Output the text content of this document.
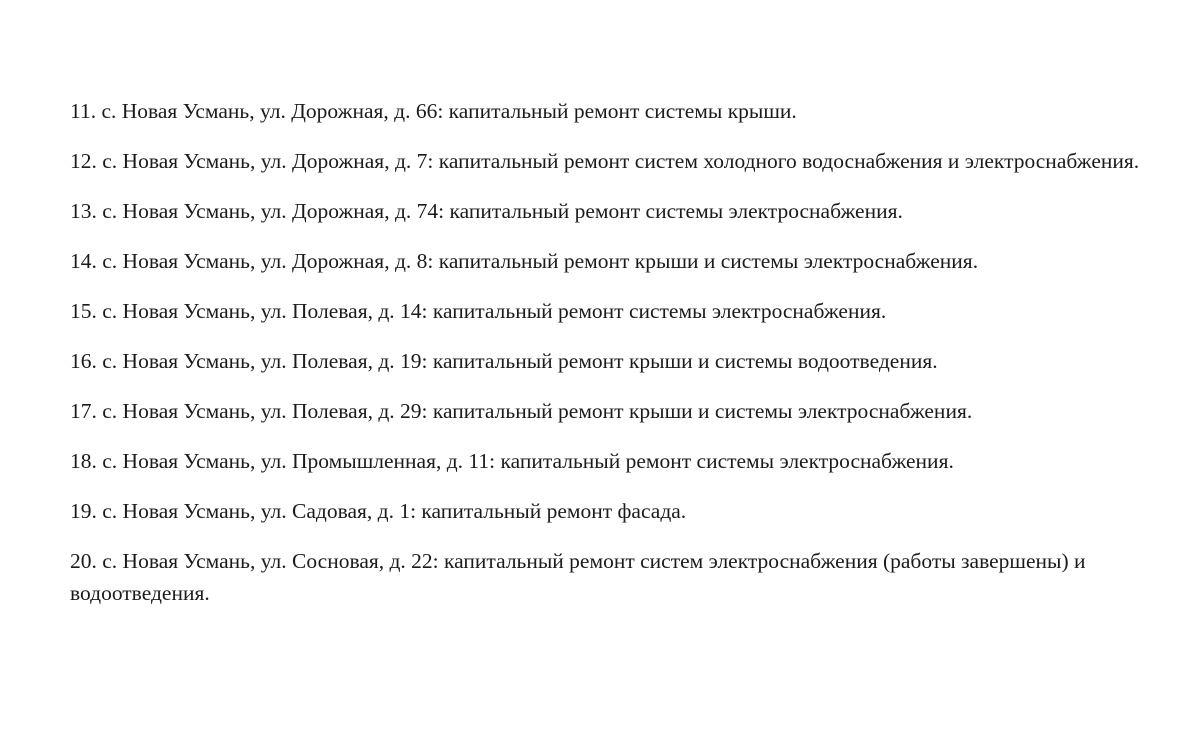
11. с. Новая Усмань, ул. Дорожная, д. 66: капитальный ремонт системы крыши.

12. с. Новая Усмань, ул. Дорожная, д. 7: капитальный ремонт систем холодного водоснабжения и электроснабжения.

13. с. Новая Усмань, ул. Дорожная, д. 74: капитальный ремонт системы электроснабжения.

14. с. Новая Усмань, ул. Дорожная, д. 8: капитальный ремонт крыши и системы электроснабжения.

15. с. Новая Усмань, ул. Полевая, д. 14: капитальный ремонт системы электроснабжения.

16. с. Новая Усмань, ул. Полевая, д. 19: капитальный ремонт крыши и системы водоотведения.

17. с. Новая Усмань, ул. Полевая, д. 29: капитальный ремонт крыши и системы электроснабжения.

18. с. Новая Усмань, ул. Промышленная, д. 11: капитальный ремонт системы электроснабжения.

19. с. Новая Усмань, ул. Садовая, д. 1: капитальный ремонт фасада.

20. с. Новая Усмань, ул. Сосновая, д. 22: капитальный ремонт систем электроснабжения (работы завершены) и водоотведения.
